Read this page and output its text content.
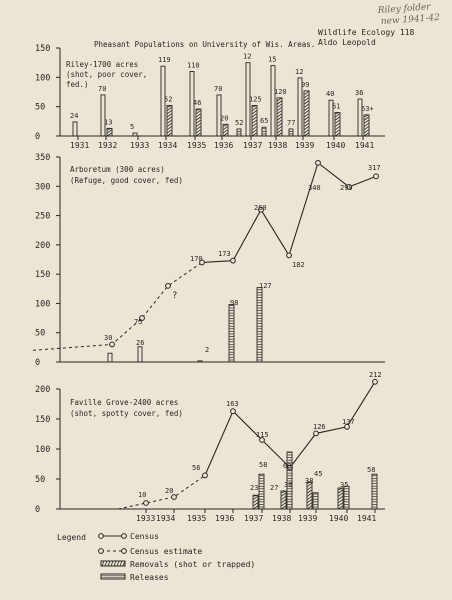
Riley folder
new 1941-42
Wildlife Ecology 118
Aldo Leopold
0
50
100
150	Pheasant Populations on University of Wis. Areas.
Riley-1700 acres
(shot, poor cover,
fed.)
1931 1932 1933 1934 1935 1936 1937 1938 1939 1940 1941
24
70
13
5
119
52
110
46
70
20
12
125
52
15
120
65
12
99
77
40
61
36
63+
0
50
100
150
200
250
300
350
Arboretum (300 acres)
(Refuge, good cover, fed)
?
30
75
170
173
260
182
340	299
317
26
2
98
127
0
50
100
150
200
Faville Grove-2400 acres
(shot, spotty cover, fed)
1933 1934 1935 1936 1937 1938 1939 1940 1941
10	20
56
163
115
69
126
137
212
58
23 27 30 38
45
35
58
Legend	Census
Census estimate
Removals (shot or trapped)
Releases
